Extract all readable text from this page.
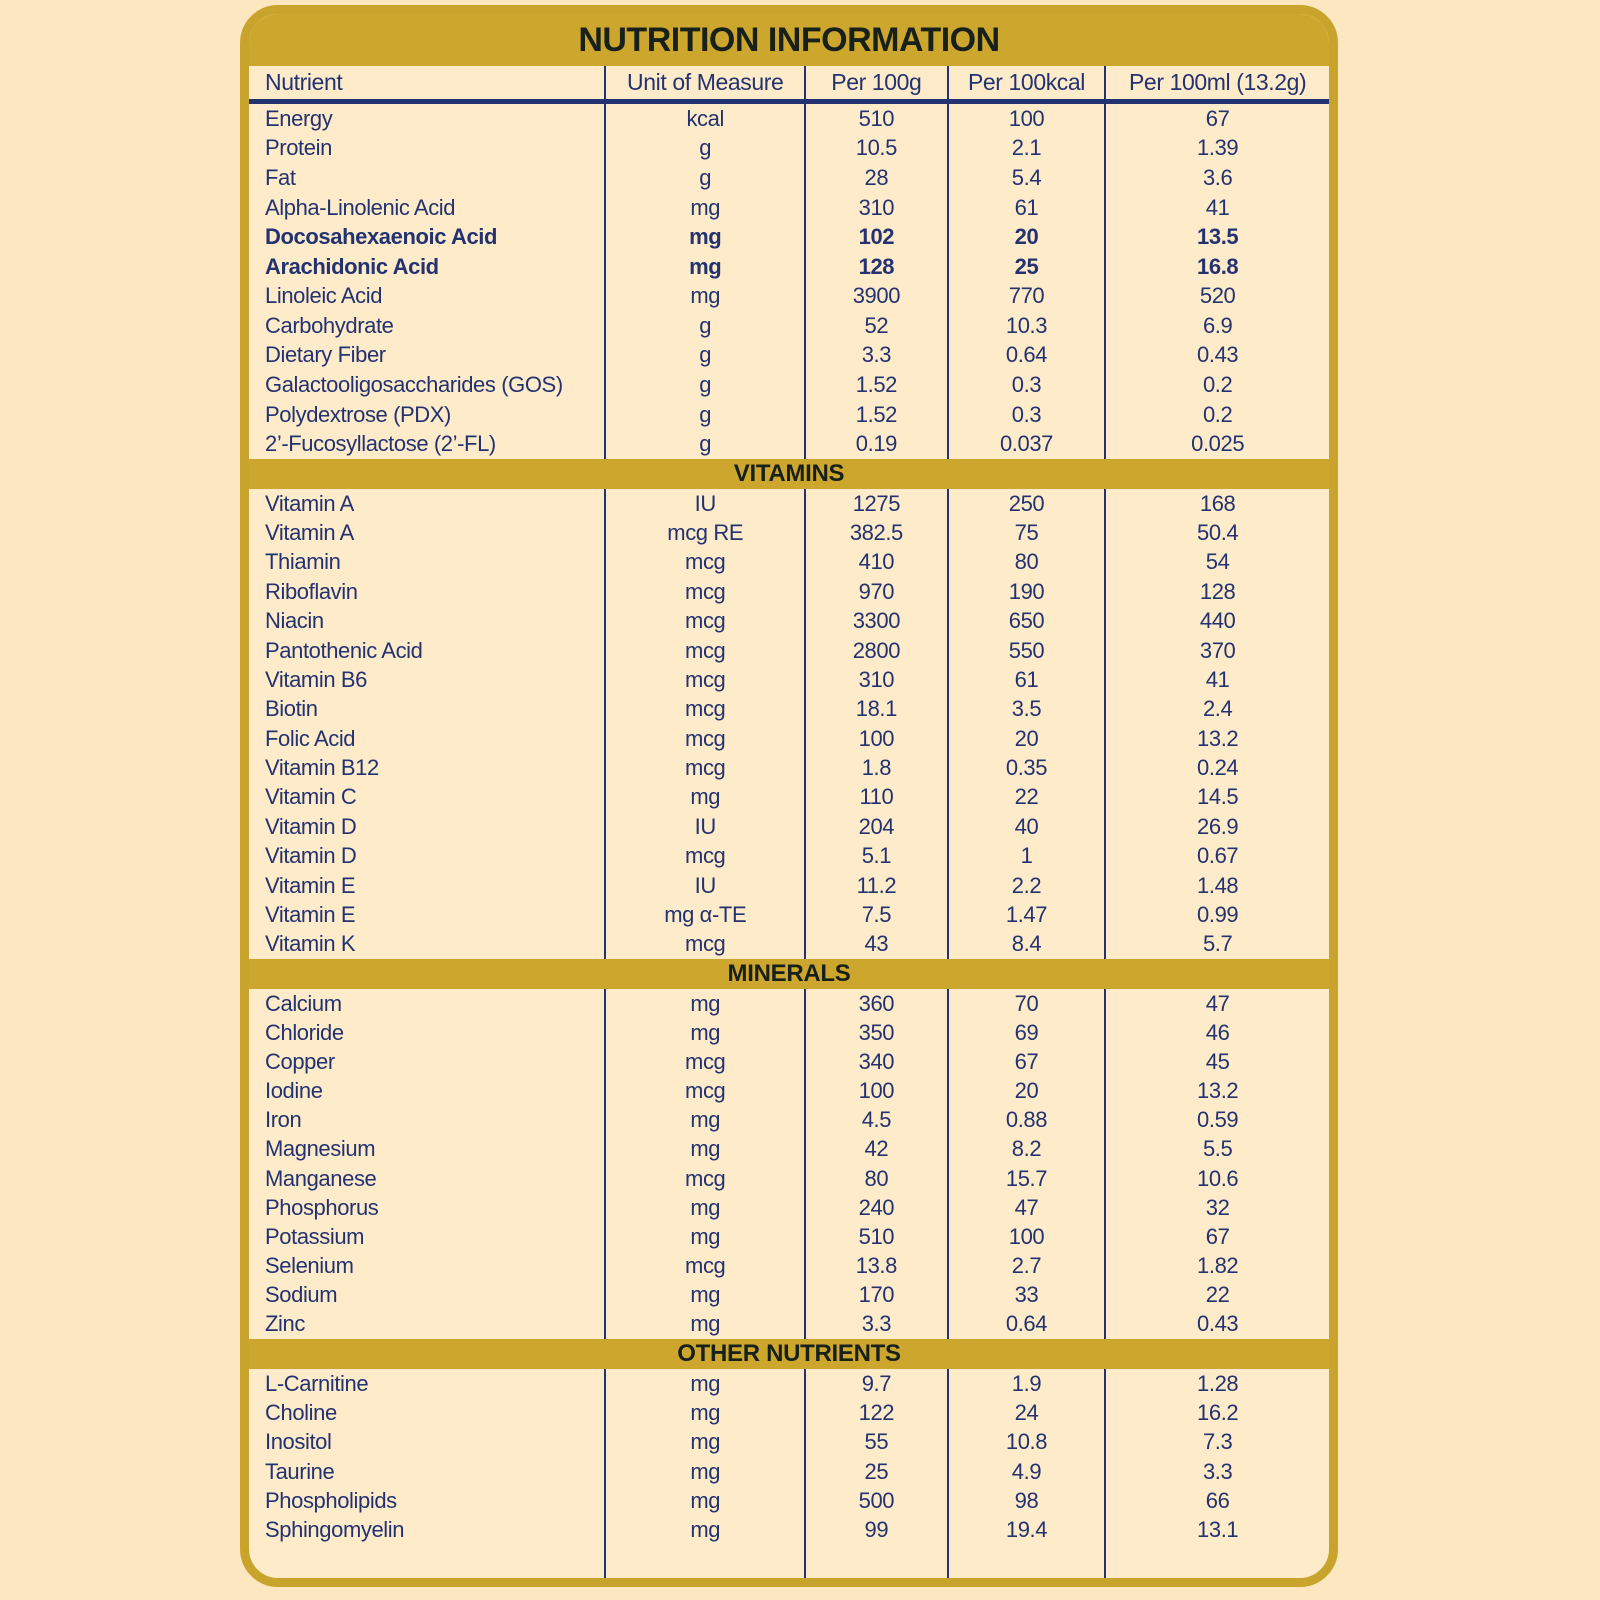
NUTRITION INFORMATION
Nutrient	Unit of Measure	Per 100g	Per 100kcal	Per 100ml (13.2g)
Energy	kcal	510	100	67
Protein	g	10.5	2.1	1.39
Fat	g	28	5.4	3.6
Alpha-Linolenic Acid	mg	310	61	41
Docosahexaenoic Acid	mg	102	20	13.5
Arachidonic Acid	mg	128	25	16.8
Linoleic Acid	mg	3900	770	520
Carbohydrate	g	52	10.3	6.9
Dietary Fiber	g	3.3	0.64	0.43
Galactooligosaccharides (GOS)	g	1.52	0.3	0.2
Polydextrose (PDX)	g	1.52	0.3	0.2
2’-Fucosyllactose (2’-FL)	g	0.19	0.037	0.025
VITAMINS
Vitamin A	IU	1275	250	168
Vitamin A	mcg RE	382.5	75	50.4
Thiamin	mcg	410	80	54
Riboflavin	mcg	970	190	128
Niacin	mcg	3300	650	440
Pantothenic Acid	mcg	2800	550	370
Vitamin B6	mcg	310	61	41
Biotin	mcg	18.1	3.5	2.4
Folic Acid	mcg	100	20	13.2
Vitamin B12	mcg	1.8	0.35	0.24
Vitamin C	mg	110	22	14.5
Vitamin D	IU	204	40	26.9
Vitamin D	mcg	5.1	1	0.67
Vitamin E	IU	11.2	2.2	1.48
Vitamin E	mg α-TE	7.5	1.47	0.99
Vitamin K	mcg	43	8.4	5.7
MINERALS
Calcium	mg	360	70	47
Chloride	mg	350	69	46
Copper	mcg	340	67	45
Iodine	mcg	100	20	13.2
Iron	mg	4.5	0.88	0.59
Magnesium	mg	42	8.2	5.5
Manganese	mcg	80	15.7	10.6
Phosphorus	mg	240	47	32
Potassium	mg	510	100	67
Selenium	mcg	13.8	2.7	1.82
Sodium	mg	170	33	22
Zinc	mg	3.3	0.64	0.43
OTHER NUTRIENTS
L-Carnitine	mg	9.7	1.9	1.28
Choline	mg	122	24	16.2
Inositol	mg	55	10.8	7.3
Taurine	mg	25	4.9	3.3
Phospholipids	mg	500	98	66
Sphingomyelin	mg	99	19.4	13.1
